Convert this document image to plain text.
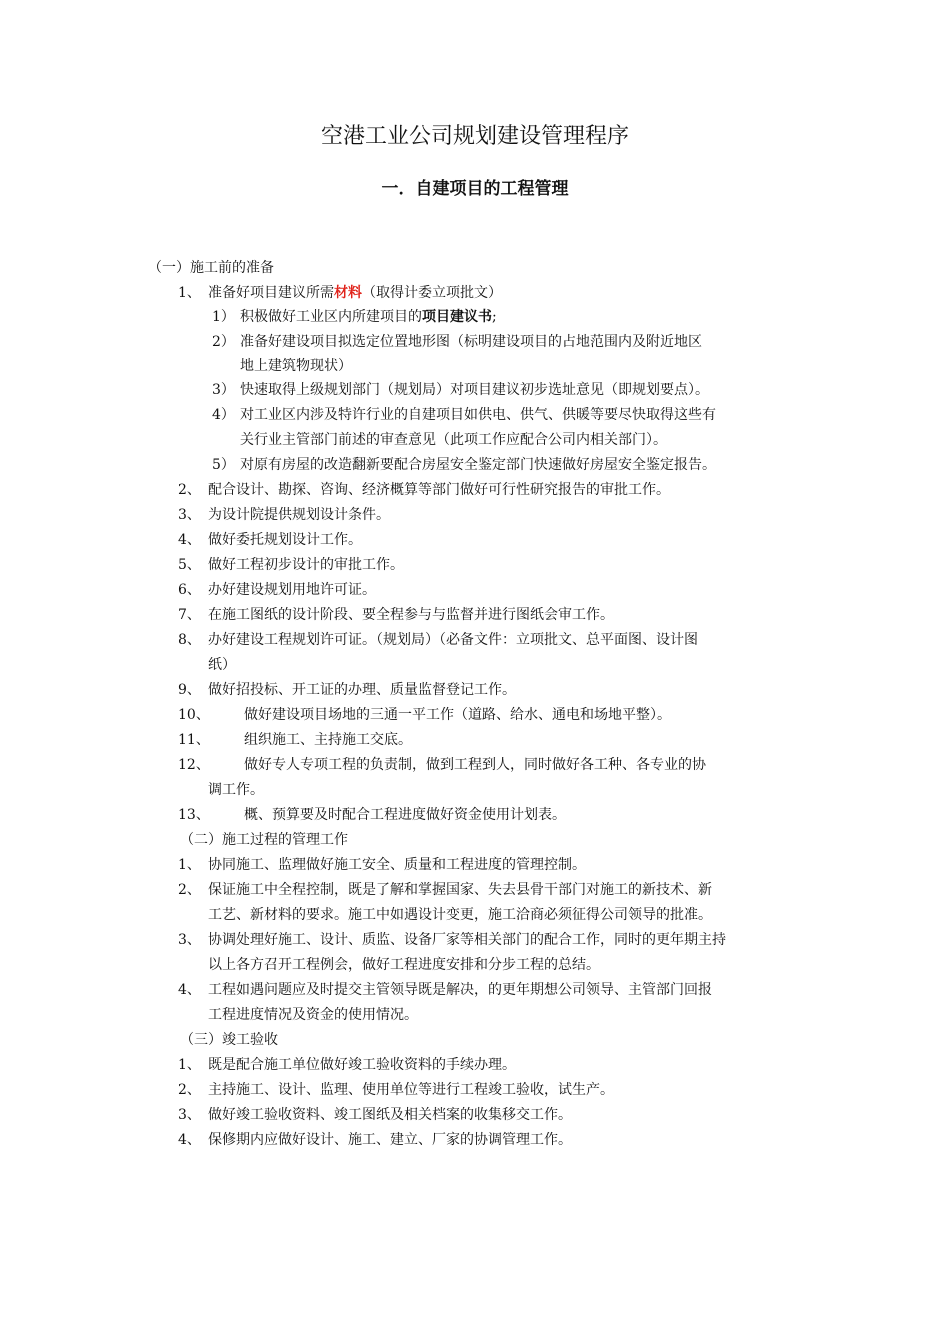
空港工业公司规划建设管理程序
一．自建项目的工程管理
（一）施工前的准备
1、 准备好项目建议所需材料（取得计委立项批文）
1） 积极做好工业区内所建项目的项目建议书;
2） 准备好建设项目拟选定位置地形图（标明建设项目的占地范围内及附近地区
地上建筑物现状）
3） 快速取得上级规划部门（规划局）对项目建议初步选址意见（即规划要点）。
4） 对工业区内涉及特许行业的自建项目如供电、供气、供暖等要尽快取得这些有
关行业主管部门前述的审查意见（此项工作应配合公司内相关部门）。
5） 对原有房屋的改造翻新要配合房屋安全鉴定部门快速做好房屋安全鉴定报告。
2、 配合设计、勘探、咨询、经济概算等部门做好可行性研究报告的审批工作。
3、 为设计院提供规划设计条件。
4、 做好委托规划设计工作。
5、 做好工程初步设计的审批工作。
6、 办好建设规划用地许可证。
7、 在施工图纸的设计阶段、要全程参与与监督并进行图纸会审工作。
8、 办好建设工程规划许可证。（规划局）（必备文件：立项批文、总平面图、设计图
纸）
9、 做好招投标、开工证的办理、质量监督登记工作。
10、 做好建设项目场地的三通一平工作（道路、给水、通电和场地平整）。
11、 组织施工、主持施工交底。
12、 做好专人专项工程的负责制，做到工程到人，同时做好各工种、各专业的协
调工作。
13、 概、预算要及时配合工程进度做好资金使用计划表。
（二）施工过程的管理工作
1、 协同施工、监理做好施工安全、质量和工程进度的管理控制。
2、 保证施工中全程控制，既是了解和掌握国家、失去县骨干部门对施工的新技术、新
工艺、新材料的要求。施工中如遇设计变更，施工洽商必须征得公司领导的批准。
3、 协调处理好施工、设计、质监、设备厂家等相关部门的配合工作，同时的更年期主持
以上各方召开工程例会，做好工程进度安排和分步工程的总结。
4、 工程如遇问题应及时提交主管领导既是解决，的更年期想公司领导、主管部门回报
工程进度情况及资金的使用情况。
（三）竣工验收
1、 既是配合施工单位做好竣工验收资料的手续办理。
2、 主持施工、设计、监理、使用单位等进行工程竣工验收，试生产。
3、 做好竣工验收资料、竣工图纸及相关档案的收集移交工作。
4、 保修期内应做好设计、施工、建立、厂家的协调管理工作。
